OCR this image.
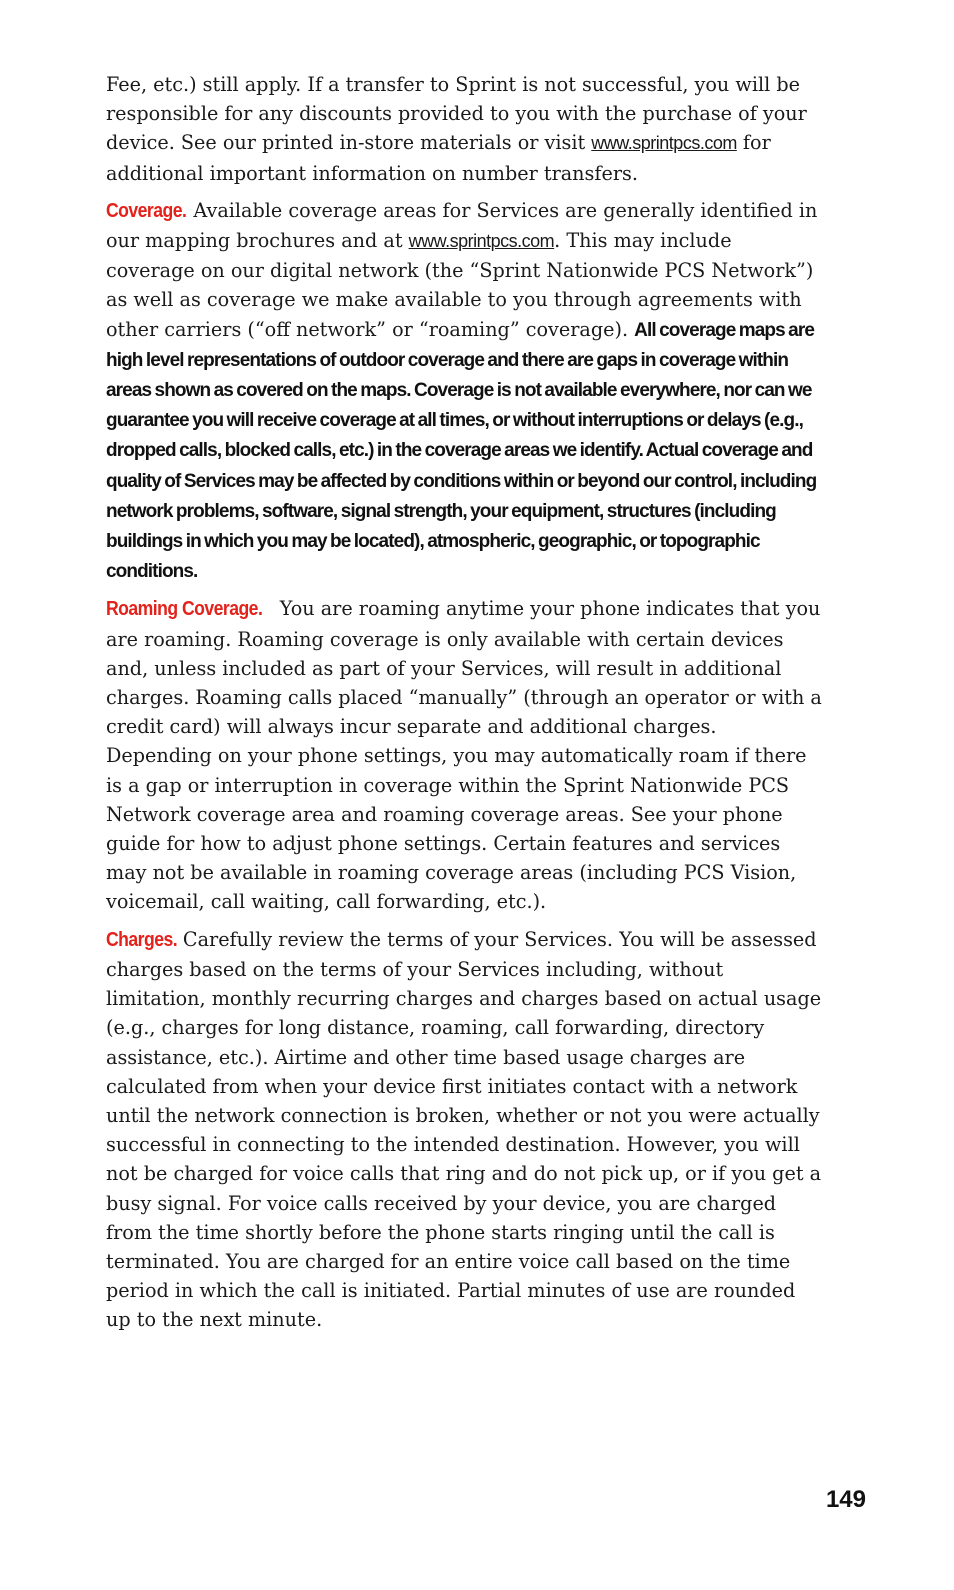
Fee, etc.) still apply. If a transfer to Sprint is not successful, you will be responsible for any discounts provided to you with the purchase of your device. See our printed in-store materials or visit www.sprintpcs.com for additional important information on number transfers.

Coverage. Available coverage areas for Services are generally identified in our mapping brochures and at www.sprintpcs.com. This may include coverage on our digital network (the “Sprint Nationwide PCS Network”) as well as coverage we make available to you through agreements with other carriers (“off network” or “roaming” coverage). All coverage maps are high level representations of outdoor coverage and there are gaps in coverage within areas shown as covered on the maps. Coverage is not available everywhere, nor can we guarantee you will receive coverage at all times, or without interruptions or delays (e.g., dropped calls, blocked calls, etc.) in the coverage areas we identify. Actual coverage and quality of Services may be affected by conditions within or beyond our control, including network problems, software, signal strength, your equipment, structures (including buildings in which you may be located), atmospheric, geographic, or topographic conditions.

Roaming Coverage. You are roaming anytime your phone indicates that you are roaming. Roaming coverage is only available with certain devices and, unless included as part of your Services, will result in additional charges. Roaming calls placed “manually” (through an operator or with a credit card) will always incur separate and additional charges. Depending on your phone settings, you may automatically roam if there is a gap or interruption in coverage within the Sprint Nationwide PCS Network coverage area and roaming coverage areas. See your phone guide for how to adjust phone settings. Certain features and services may not be available in roaming coverage areas (including PCS Vision, voicemail, call waiting, call forwarding, etc.).

Charges. Carefully review the terms of your Services. You will be assessed charges based on the terms of your Services including, without limitation, monthly recurring charges and charges based on actual usage (e.g., charges for long distance, roaming, call forwarding, directory assistance, etc.). Airtime and other time based usage charges are calculated from when your device first initiates contact with a network until the network connection is broken, whether or not you were actually successful in connecting to the intended destination. However, you will not be charged for voice calls that ring and do not pick up, or if you get a busy signal. For voice calls received by your device, you are charged from the time shortly before the phone starts ringing until the call is terminated. You are charged for an entire voice call based on the time period in which the call is initiated. Partial minutes of use are rounded up to the next minute.

149
